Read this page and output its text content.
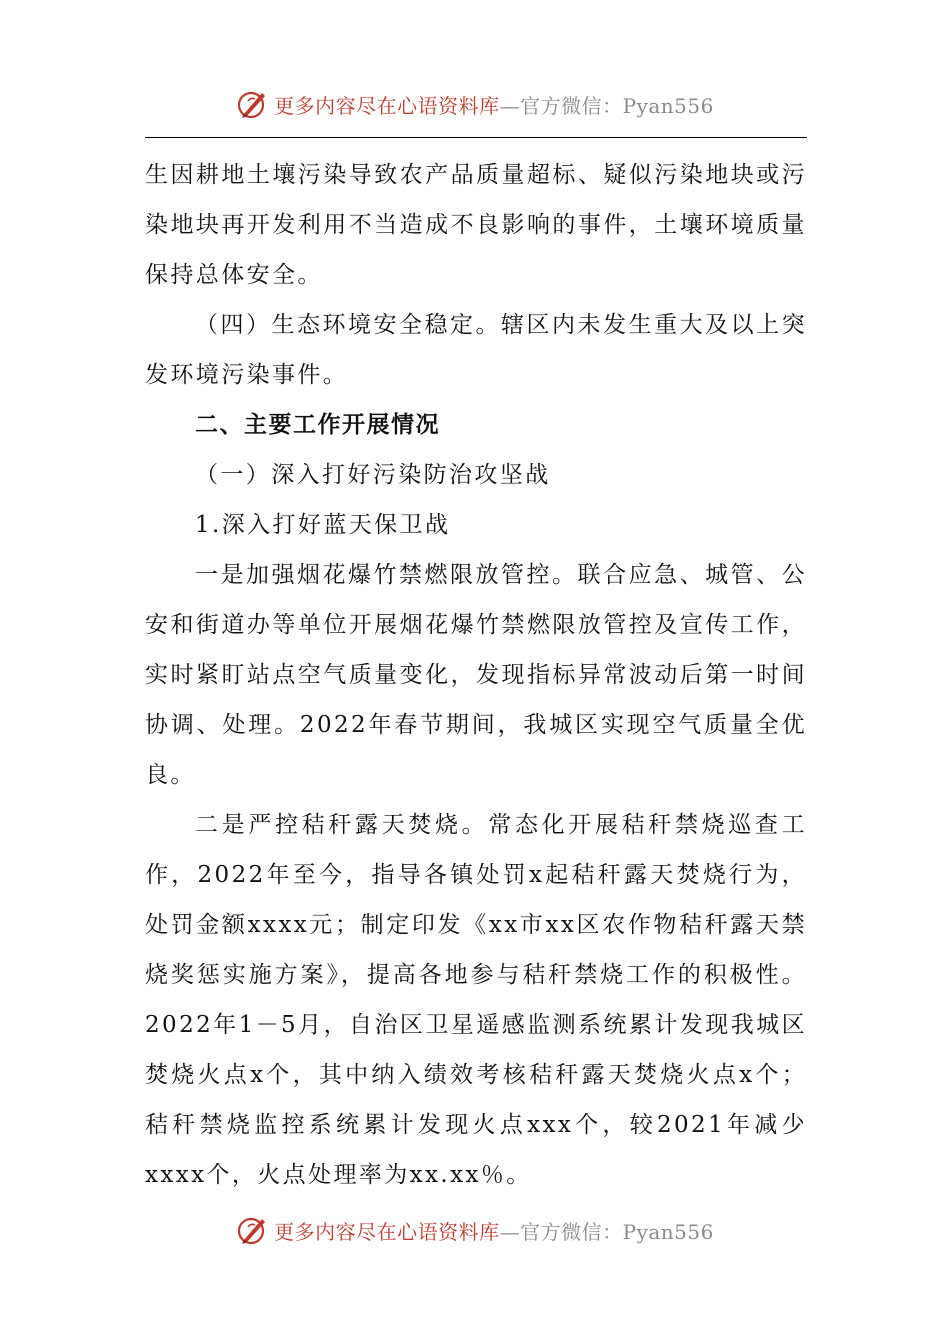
更多内容尽在心语资料库—官方微信：Pyan556

生因耕地土壤污染导致农产品质量超标、疑似污染地块或污染地块再开发利用不当造成不良影响的事件，土壤环境质量保持总体安全。

（四）生态环境安全稳定。辖区内未发生重大及以上突发环境污染事件。

二、主要工作开展情况

（一）深入打好污染防治攻坚战

1.深入打好蓝天保卫战

一是加强烟花爆竹禁燃限放管控。联合应急、城管、公安和街道办等单位开展烟花爆竹禁燃限放管控及宣传工作，实时紧盯站点空气质量变化，发现指标异常波动后第一时间协调、处理。2022年春节期间，我城区实现空气质量全优良。

二是严控秸秆露天焚烧。常态化开展秸秆禁烧巡查工作，2022年至今，指导各镇处罚x起秸秆露天焚烧行为，处罚金额xxxx元；制定印发《xx市xx区农作物秸秆露天禁烧奖惩实施方案》，提高各地参与秸秆禁烧工作的积极性。2022年1－5月，自治区卫星遥感监测系统累计发现我城区焚烧火点x个，其中纳入绩效考核秸秆露天焚烧火点x个；秸秆禁烧监控系统累计发现火点xxx个，较2021年减少xxxx个，火点处理率为xx.xx％。

更多内容尽在心语资料库—官方微信：Pyan556
